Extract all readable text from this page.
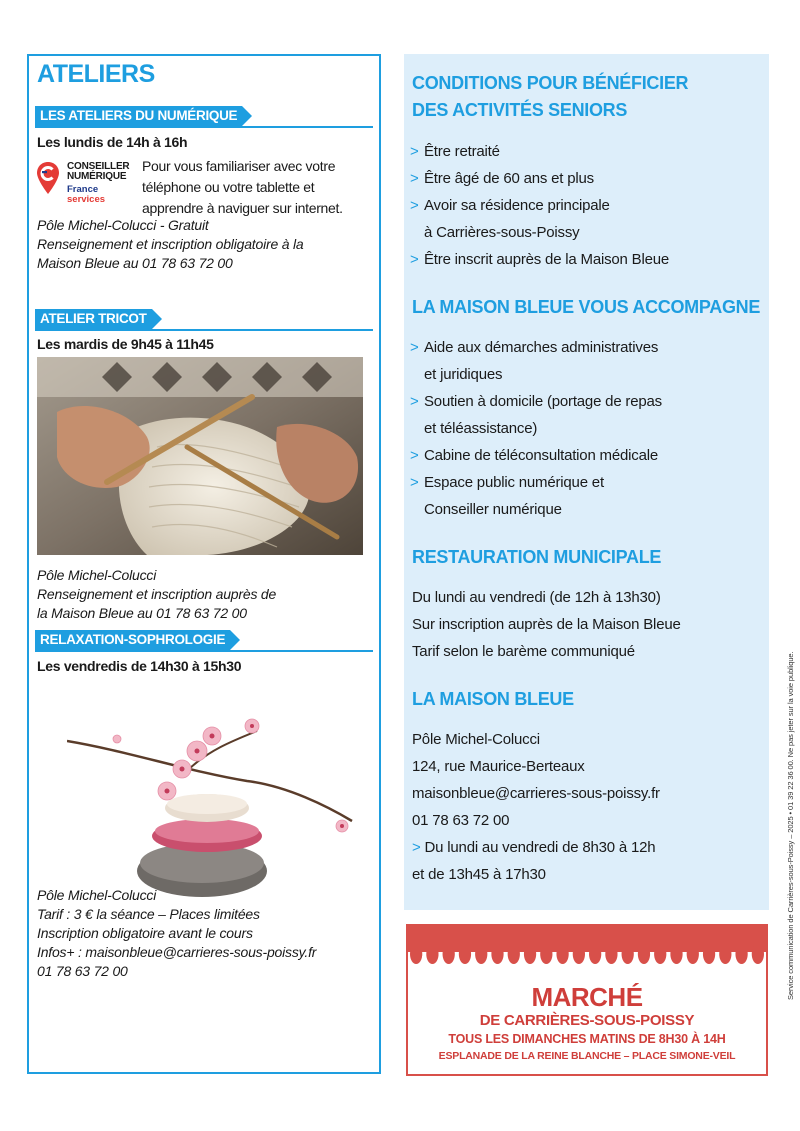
ATELIERS
LES ATELIERS DU NUMÉRIQUE
Les lundis de 14h à 16h
CONSEILLER
NUMÉRIQUE
France
services
Pour vous familiariser avec votre
téléphone ou votre tablette et
apprendre à naviguer sur internet.
Pôle Michel-Colucci - Gratuit
Renseignement et inscription obligatoire à la
Maison Bleue au 01 78 63 72 00
ATELIER TRICOT
Les mardis de 9h45 à 11h45
Pôle Michel-Colucci
Renseignement et inscription auprès de
la Maison Bleue au 01 78 63 72 00
RELAXATION-SOPHROLOGIE
Les vendredis de 14h30 à 15h30
Pôle Michel-Colucci
Tarif : 3 € la séance – Places limitées
Inscription obligatoire avant le cours
Infos+ : maisonbleue@carrieres-sous-poissy.fr
01 78 63 72 00
CONDITIONS POUR BÉNÉFICIER
DES ACTIVITÉS SENIORS
> Être retraité
> Être âgé de 60 ans et plus
> Avoir sa résidence principale
à Carrières-sous-Poissy
> Être inscrit auprès de la Maison Bleue
LA MAISON BLEUE VOUS ACCOMPAGNE
> Aide aux démarches administratives
et juridiques
> Soutien à domicile (portage de repas
et téléassistance)
> Cabine de téléconsultation médicale
> Espace public numérique et
Conseiller numérique
RESTAURATION MUNICIPALE
Du lundi au vendredi (de 12h à 13h30)
Sur inscription auprès de la Maison Bleue
Tarif selon le barème communiqué
LA MAISON BLEUE
Pôle Michel-Colucci
124, rue Maurice-Berteaux
maisonbleue@carrieres-sous-poissy.fr
01 78 63 72 00
> Du lundi au vendredi de 8h30 à 12h
et de 13h45 à 17h30
MARCHÉ
DE CARRIÈRES-SOUS-POISSY
TOUS LES DIMANCHES MATINS DE 8H30 À 14H
ESPLANADE DE LA REINE BLANCHE – PLACE SIMONE-VEIL
Service communication de Carrières-sous-Poissy – 2025 • 01 39 22 36 00. Ne pas jeter sur la voie publique.
